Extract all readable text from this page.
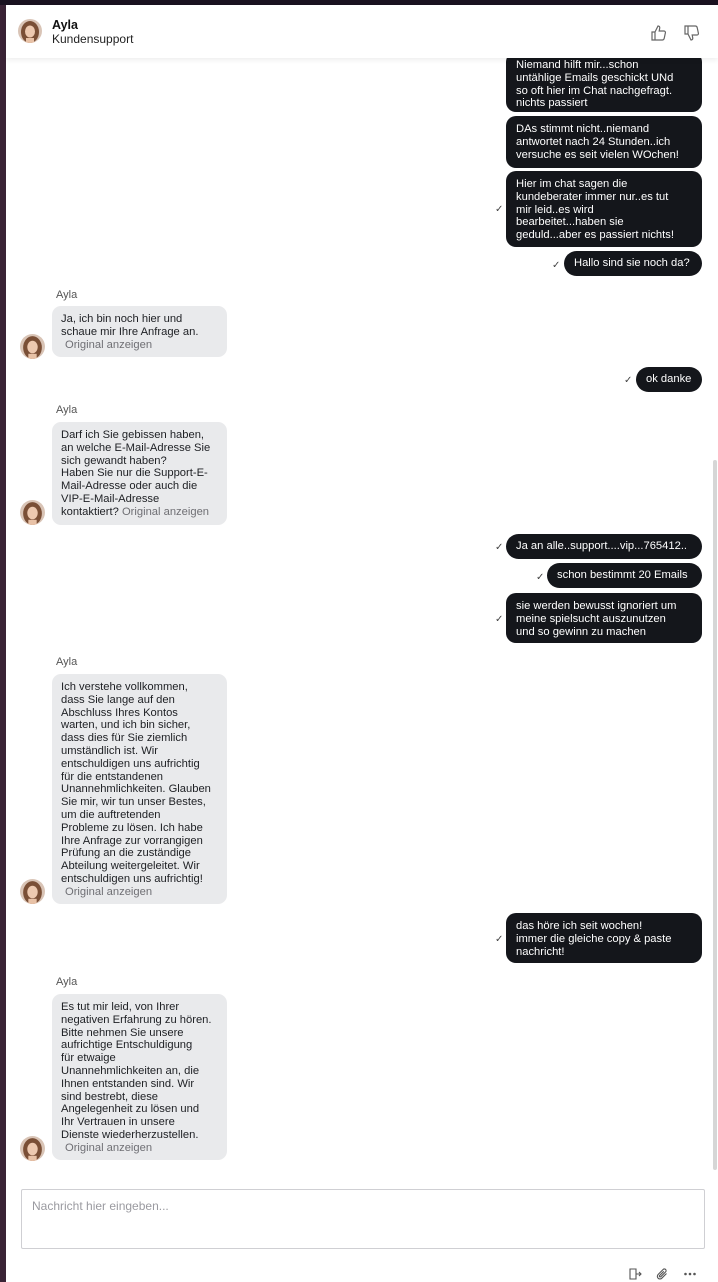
Ayla
Kundensupport
Niemand hilft mir...schon
untählige Emails geschickt UNd
so oft hier im Chat nachgefragt.
nichts passiert
DAs stimmt nicht..niemand
antwortet nach 24 Stunden..ich
versuche es seit vielen WOchen!
✓
Hier im chat sagen die
kundeberater immer nur..es tut
mir leid..es wird
bearbeitet...haben sie
geduld...aber es passiert nichts!
✓	Hallo sind sie noch da?
✓	ok danke
✓	Ja an alle..support....vip...765412..
✓	schon bestimmt 20 Emails
✓
sie werden bewusst ignoriert um
meine spielsucht auszunutzen
und so gewinn zu machen
✓
das höre ich seit wochen!
immer die gleiche copy & paste
nachricht!
Ayla
Ja, ich bin noch hier und
schaue mir Ihre Anfrage an.
Original anzeigen
Ayla
Darf ich Sie gebissen haben,
an welche E-Mail-Adresse Sie
sich gewandt haben?
Haben Sie nur die Support-E-
Mail-Adresse oder auch die
VIP-E-Mail-Adresse
kontaktiert? Original anzeigen
Ayla
Ich verstehe vollkommen,
dass Sie lange auf den
Abschluss Ihres Kontos
warten, und ich bin sicher,
dass dies für Sie ziemlich
umständlich ist. Wir
entschuldigen uns aufrichtig
für die entstandenen
Unannehmlichkeiten. Glauben
Sie mir, wir tun unser Bestes,
um die auftretenden
Probleme zu lösen. Ich habe
Ihre Anfrage zur vorrangigen
Prüfung an die zuständige
Abteilung weitergeleitet. Wir
entschuldigen uns aufrichtig!
Original anzeigen
Ayla
Es tut mir leid, von Ihrer
negativen Erfahrung zu hören.
Bitte nehmen Sie unsere
aufrichtige Entschuldigung
für etwaige
Unannehmlichkeiten an, die
Ihnen entstanden sind. Wir
sind bestrebt, diese
Angelegenheit zu lösen und
Ihr Vertrauen in unsere
Dienste wiederherzustellen.
Original anzeigen
Nachricht hier eingeben...
